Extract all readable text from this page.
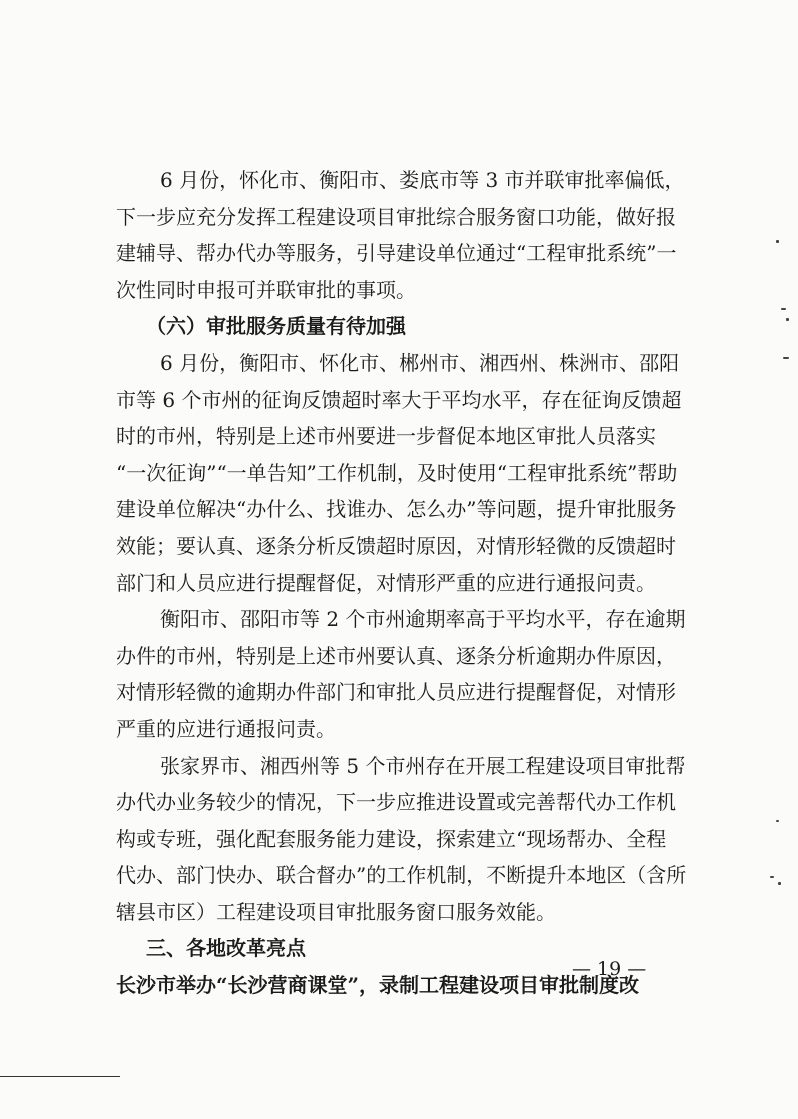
6 月份，怀化市、衡阳市、娄底市等 3 市并联审批率偏低，
下一步应充分发挥工程建设项目审批综合服务窗口功能，做好报
建辅导、帮办代办等服务，引导建设单位通过“工程审批系统”一
次性同时申报可并联审批的事项。
（六）审批服务质量有待加强
6 月份，衡阳市、怀化市、郴州市、湘西州、株洲市、邵阳
市等 6 个市州的征询反馈超时率大于平均水平，存在征询反馈超
时的市州，特别是上述市州要进一步督促本地区审批人员落实
“一次征询”“一单告知”工作机制，及时使用“工程审批系统”帮助
建设单位解决“办什么、找谁办、怎么办”等问题，提升审批服务
效能；要认真、逐条分析反馈超时原因，对情形轻微的反馈超时
部门和人员应进行提醒督促，对情形严重的应进行通报问责。
衡阳市、邵阳市等 2 个市州逾期率高于平均水平，存在逾期
办件的市州，特别是上述市州要认真、逐条分析逾期办件原因，
对情形轻微的逾期办件部门和审批人员应进行提醒督促，对情形
严重的应进行通报问责。
张家界市、湘西州等 5 个市州存在开展工程建设项目审批帮
办代办业务较少的情况，下一步应推进设置或完善帮代办工作机
构或专班，强化配套服务能力建设，探索建立“现场帮办、全程
代办、部门快办、联合督办”的工作机制，不断提升本地区（含所
辖县市区）工程建设项目审批服务窗口服务效能。
三、各地改革亮点
长沙市举办“长沙营商课堂”，录制工程建设项目审批制度改
— 19 —
